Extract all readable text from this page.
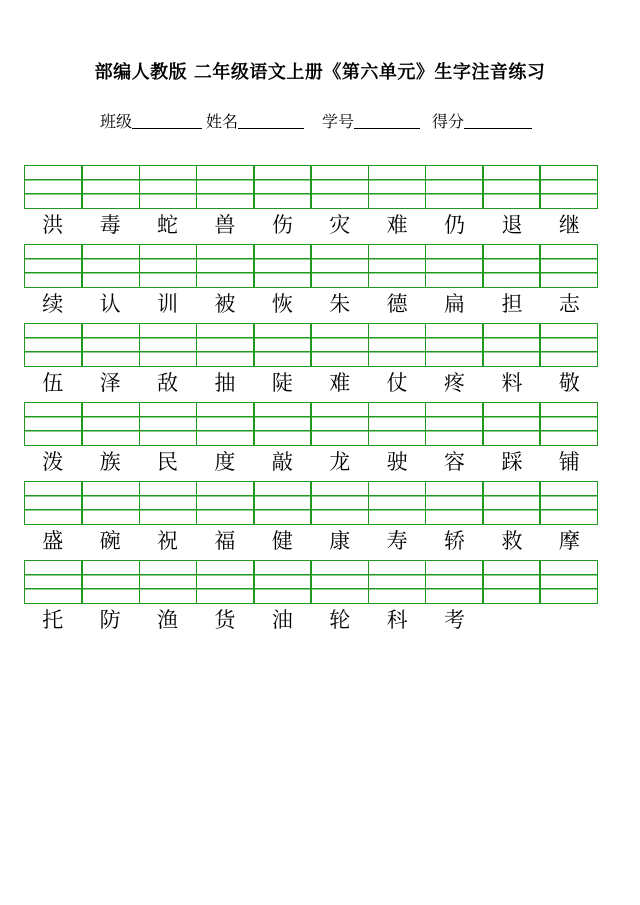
部编人教版 二年级语文上册《第六单元》生字注音练习
班级	姓名	学号	得分
洪	毒	蛇	兽	伤	灾	难	仍	退	继
续	认	训	被	恢	朱	德	扁	担	志
伍	泽	敌	抽	陡	难	仗	疼	料	敬
泼	族	民	度	敲	龙	驶	容	踩	铺
盛	碗	祝	福	健	康	寿	轿	救	摩
托	防	渔	货	油	轮	科	考
